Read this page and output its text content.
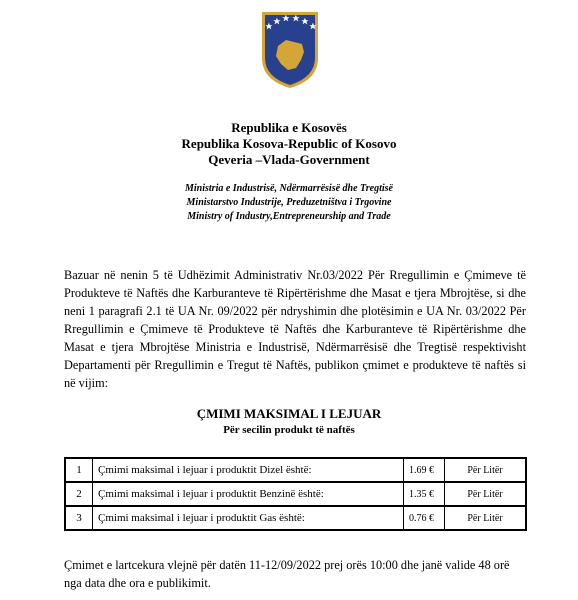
Republika e Kosovës
Republika Kosova-Republic of Kosovo
Qeveria –Vlada-Government
Ministria e Industrisë, Ndërmarrësisë dhe Tregtisë
Ministarstvo Industrije, Preduzetništva i Trgovine
Ministry of Industry,Entrepreneurship and Trade

Bazuar në nenin 5 të Udhëzimit Administrativ Nr.03/2022 Për Rregullimin e Çmimeve të Produkteve të Naftës dhe Karburanteve të Ripërtërishme dhe Masat e tjera Mbrojtëse, si dhe neni 1 paragrafi 2.1 të UA Nr. 09/2022 për ndryshimin dhe plotësimin e UA Nr. 03/2022 Për Rregullimin e Çmimeve të Produkteve të Naftës dhe Karburanteve të Ripërtërishme dhe Masat e tjera Mbrojtëse Ministria e Industrisë, Ndërmarrësisë dhe Tregtisë respektivisht Departamenti për Rregullimin e Tregut të Naftës, publikon çmimet e produkteve të naftës si në vijim:

ÇMIMI MAKSIMAL I LEJUAR
Për secilin produkt të naftës
1	Çmimi maksimal i lejuar i produktit Dizel është:	1.69 €	Për Litër
2	Çmimi maksimal i lejuar i produktit Benzinë është:	1.35 €	Për Litër
3	Çmimi maksimal i lejuar i produktit Gas është:	0.76 €	Për Litër

Çmimet e lartcekura vlejnë për datën 11-12/09/2022 prej orës 10:00 dhe janë valide 48 orë nga data dhe ora e publikimit.
